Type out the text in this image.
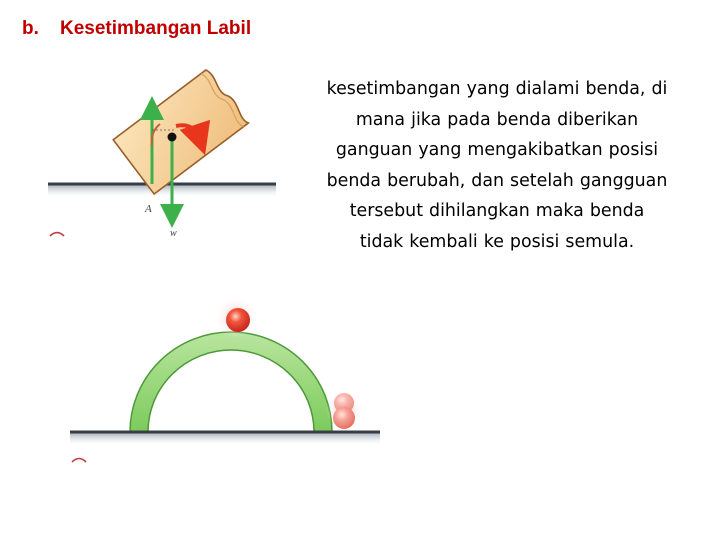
b. Kesetimbangan Labil
kesetimbangan yang dialami benda, di mana jika pada benda diberikan ganguan yang mengakibatkan posisi benda berubah, dan setelah gangguan tersebut dihilangkan maka benda tidak kembali ke posisi semula.
A
w
